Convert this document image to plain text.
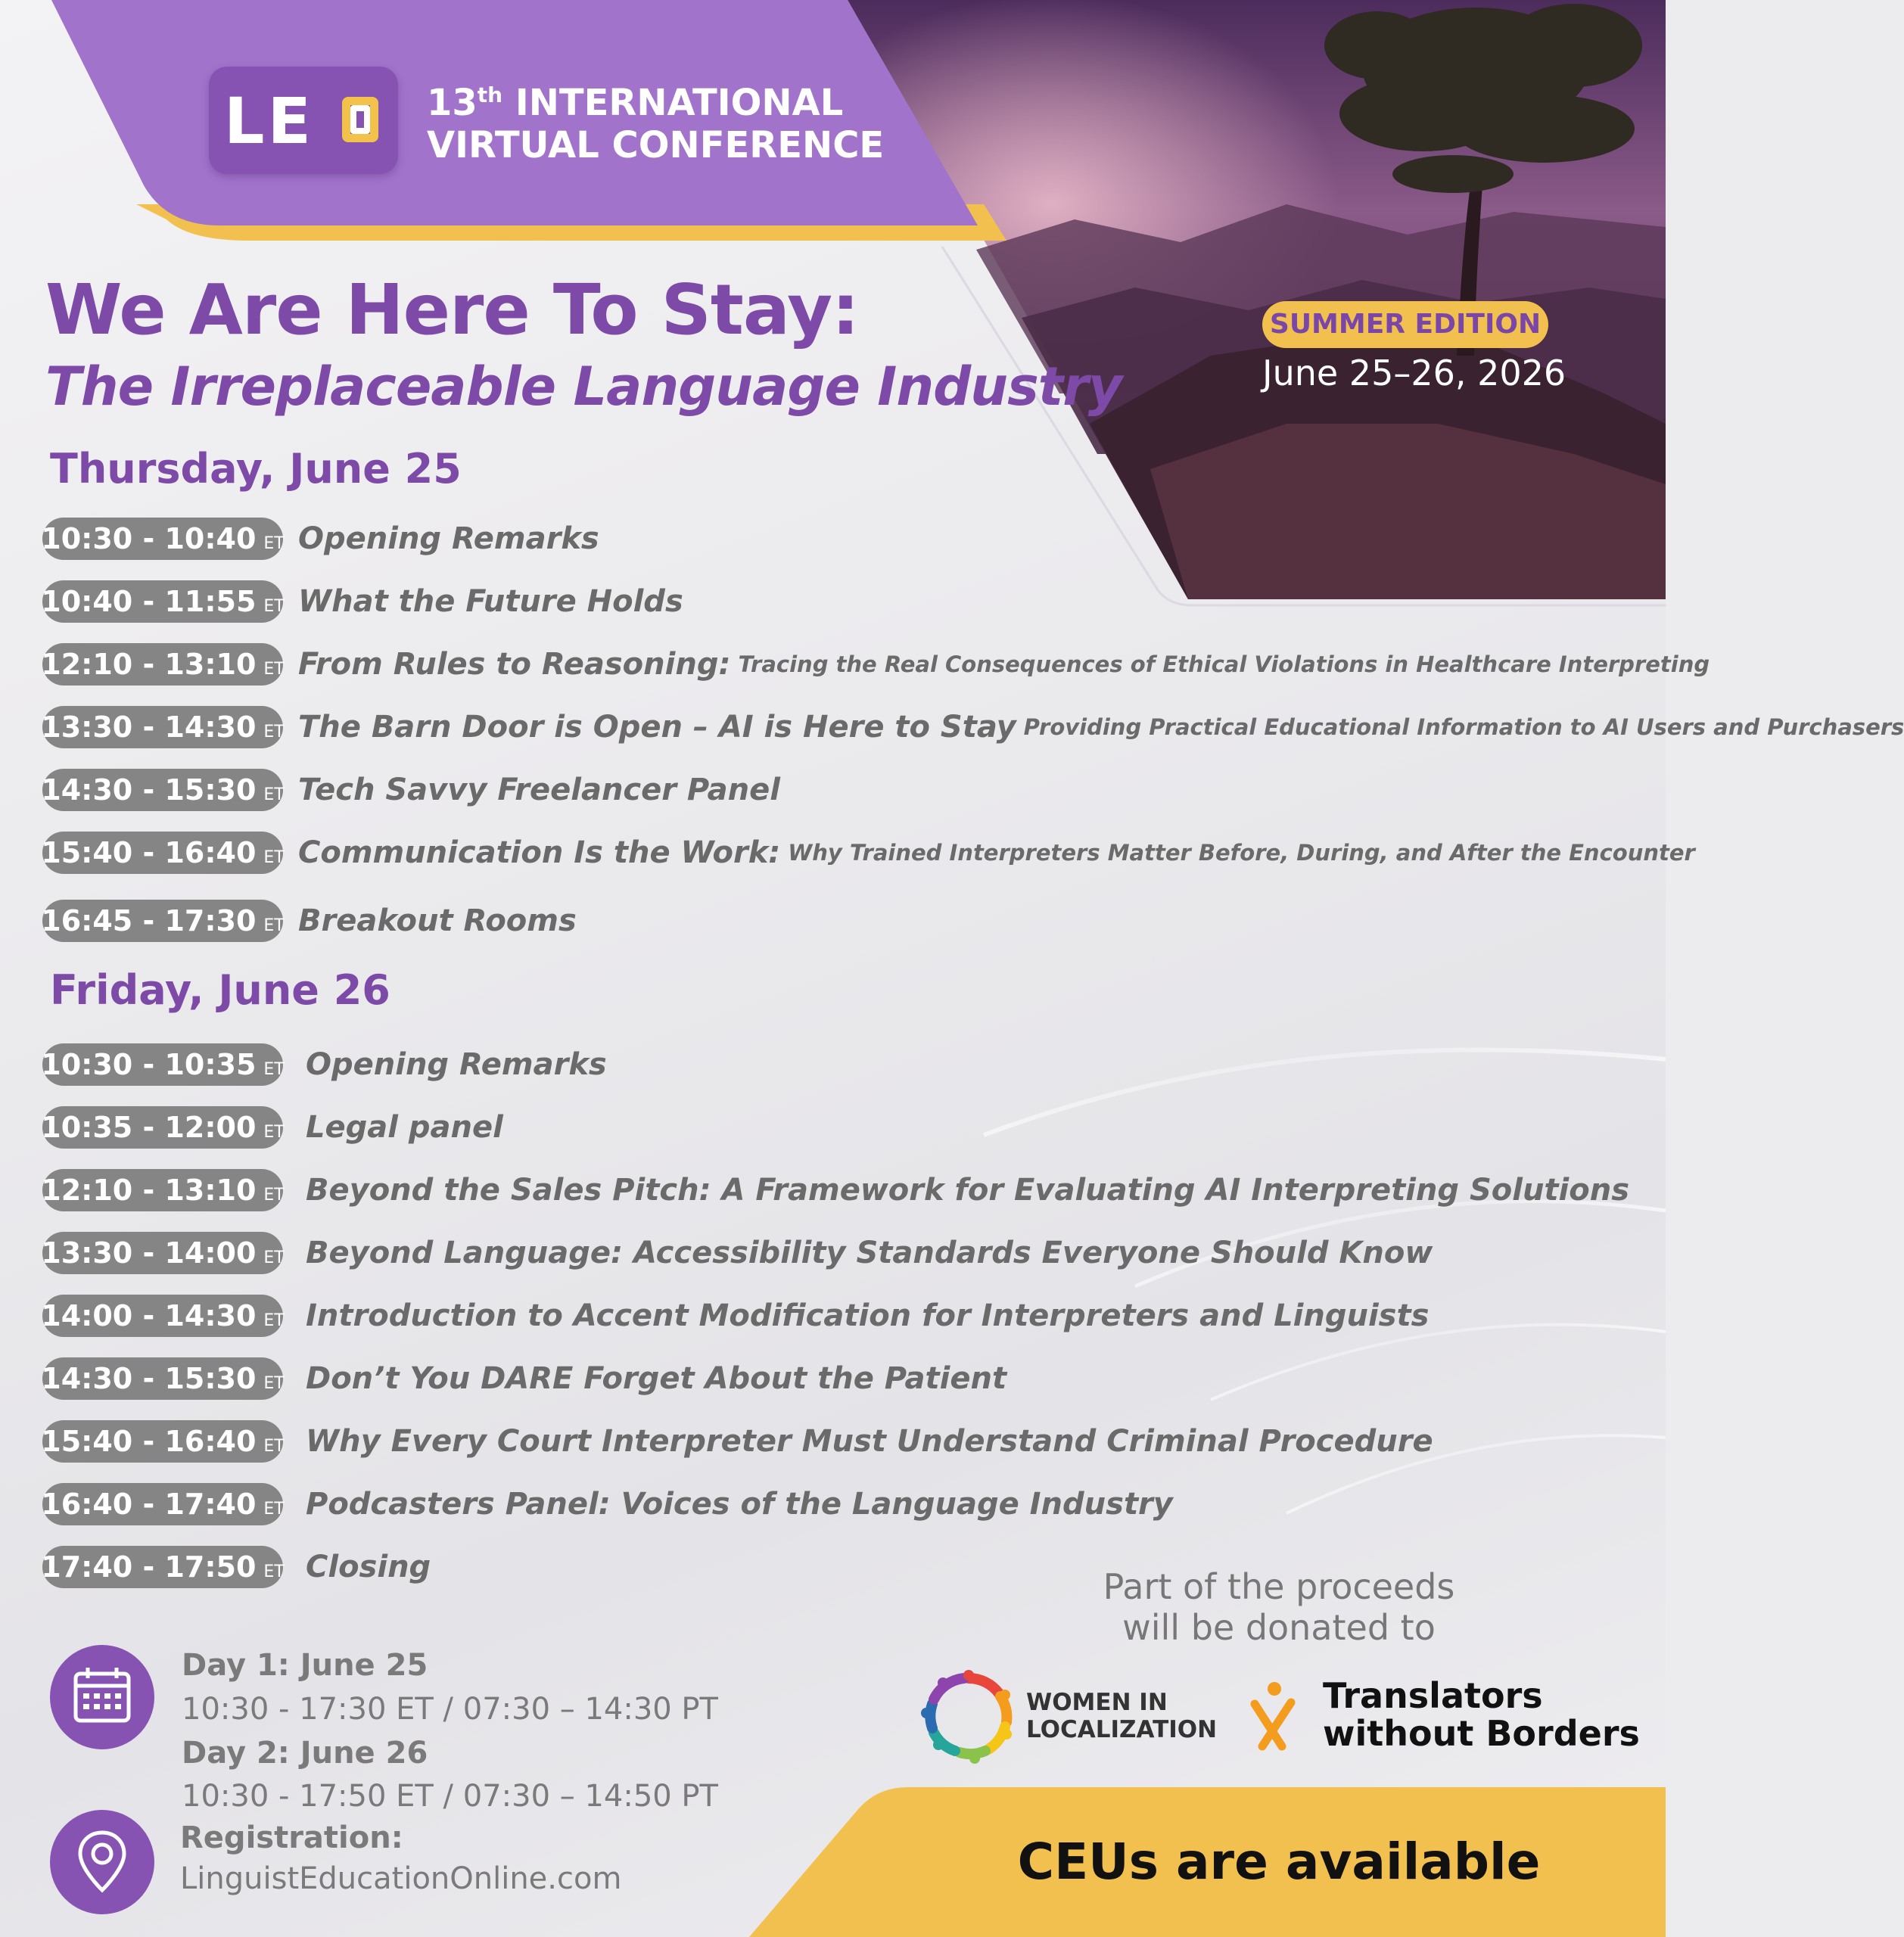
LE	13th INTERNATIONAL
VIRTUAL CONFERENCE
SUMMER EDITION
June 25–26, 2026
We Are Here To Stay:
The Irreplaceable Language Industry
Thursday, June 25
10:30 - 10:40 ET Opening Remarks
10:40 - 11:55 ET What the Future Holds
12:10 - 13:10 ET From Rules to Reasoning: Tracing the Real Consequences of Ethical Violations in Healthcare Interpreting
13:30 - 14:30 ET The Barn Door is Open – AI is Here to Stay Providing Practical Educational Information to AI Users and Purchasers
14:30 - 15:30 ET Tech Savvy Freelancer Panel
15:40 - 16:40 ET Communication Is the Work: Why Trained Interpreters Matter Before, During, and After the Encounter
16:45 - 17:30 ET Breakout Rooms
Friday, June 26
10:30 - 10:35 ET Opening Remarks
10:35 - 12:00 ET Legal panel
12:10 - 13:10 ET Beyond the Sales Pitch: A Framework for Evaluating AI Interpreting Solutions
13:30 - 14:00 ET Beyond Language: Accessibility Standards Everyone Should Know
14:00 - 14:30 ET Introduction to Accent Modification for Interpreters and Linguists
14:30 - 15:30 ET Don’t You DARE Forget About the Patient
15:40 - 16:40 ET Why Every Court Interpreter Must Understand Criminal Procedure
16:40 - 17:40 ET Podcasters Panel: Voices of the Language Industry
17:40 - 17:50 ET Closing
Day 1: June 25
10:30 - 17:30 ET / 07:30 – 14:30 PT
Day 2: June 26
10:30 - 17:50 ET / 07:30 – 14:50 PT
Registration:
LinguistEducationOnline.com
Part of the proceeds
will be donated to
WOMEN IN
LOCALIZATION
Translators
without Borders
CEUs are available
